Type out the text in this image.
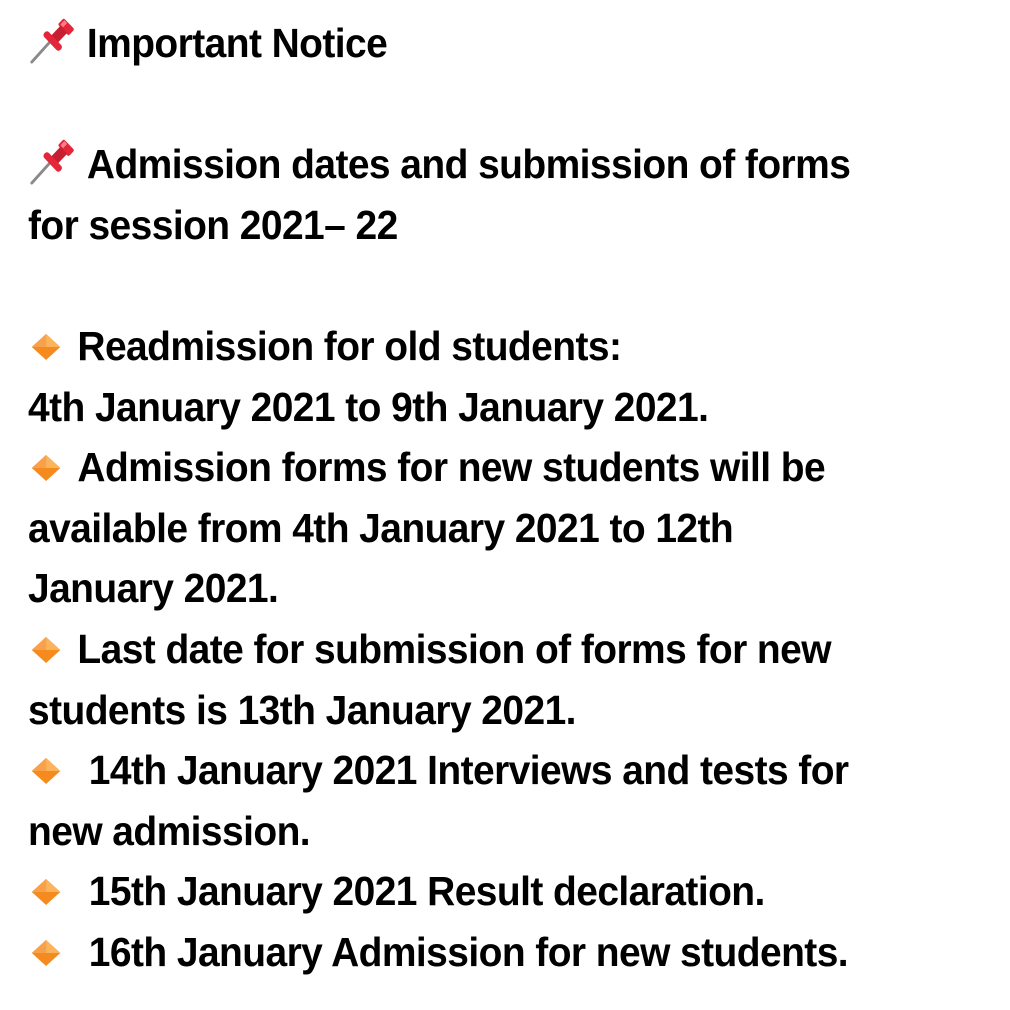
Important Notice
Admission dates and submission of forms
for session 2021– 22
Readmission for old students:
4th January 2021 to 9th January 2021.
Admission forms for new students will be
available from 4th January 2021 to 12th
January 2021.
Last date for submission of forms for new
students is 13th January 2021.
14th January 2021 Interviews and tests for
new admission.
15th January 2021 Result declaration.
16th January Admission for new students.
